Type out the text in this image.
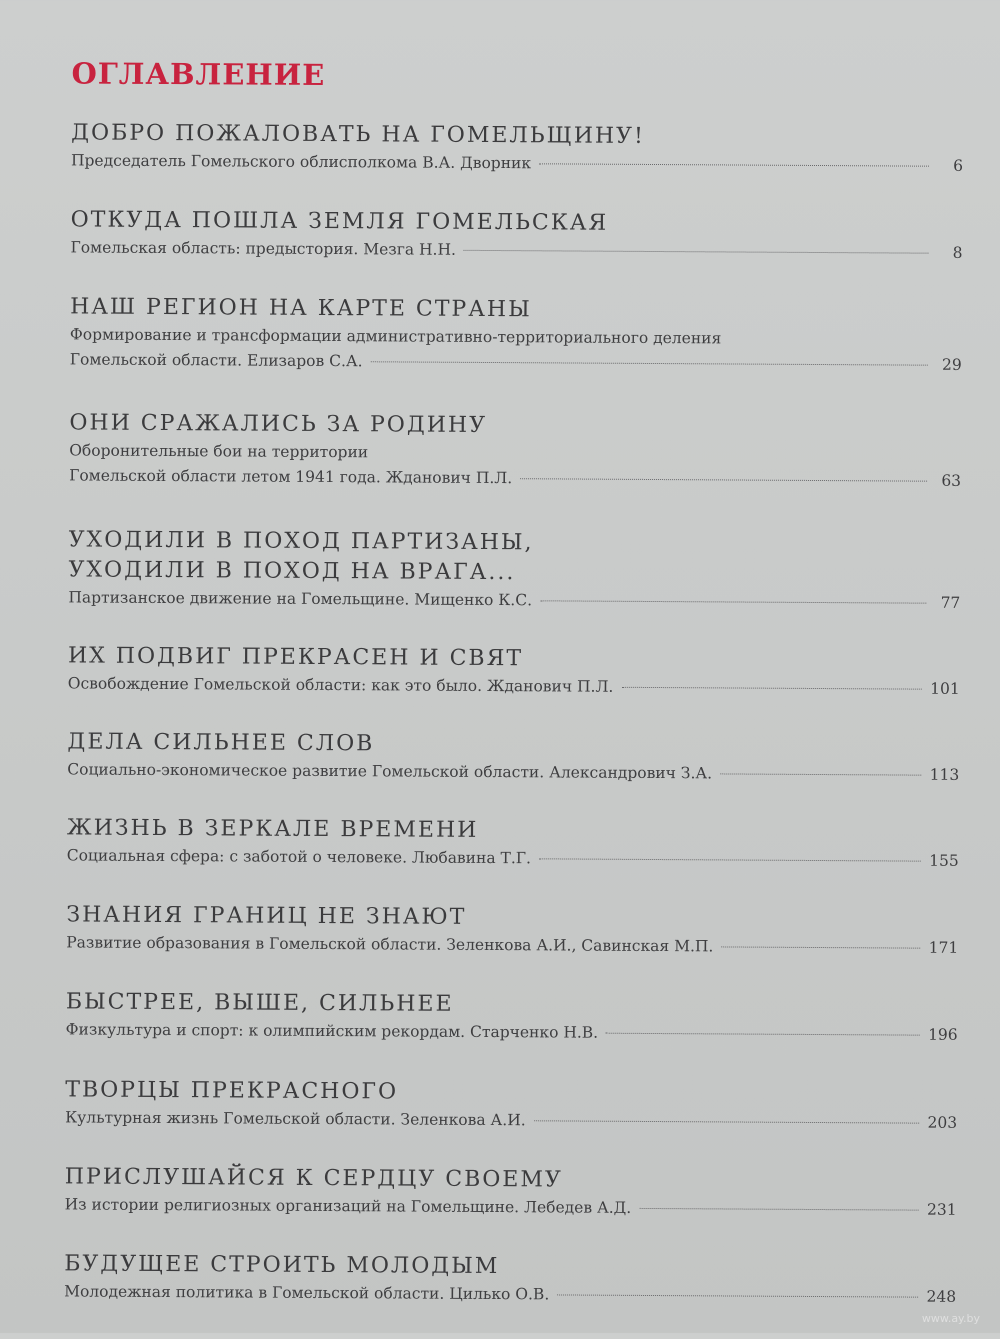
ОГЛАВЛЕНИЕ
ДОБРО ПОЖАЛОВАТЬ НА ГОМЕЛЬЩИНУ!
Председатель Гомельского облисполкома В.А. Дворник	6
ОТКУДА ПОШЛА ЗЕМЛЯ ГОМЕЛЬСКАЯ
Гомельская область: предыстория. Мезга Н.Н.	8
НАШ РЕГИОН НА КАРТЕ СТРАНЫ
Формирование и трансформации административно-территориального деления
Гомельской области. Елизаров С.А.	29
ОНИ СРАЖАЛИСЬ ЗА РОДИНУ
Оборонительные бои на территории
Гомельской области летом 1941 года. Жданович П.Л.	63
УХОДИЛИ В ПОХОД ПАРТИЗАНЫ,
УХОДИЛИ В ПОХОД НА ВРАГА...
Партизанское движение на Гомельщине. Мищенко К.С.	77
ИХ ПОДВИГ ПРЕКРАСЕН И СВЯТ
Освобождение Гомельской области: как это было. Жданович П.Л.	101
ДЕЛА СИЛЬНЕЕ СЛОВ
Социально-экономическое развитие Гомельской области. Александрович З.А.	113
ЖИЗНЬ В ЗЕРКАЛЕ ВРЕМЕНИ
Социальная сфера: с заботой о человеке. Любавина Т.Г.	155
ЗНАНИЯ ГРАНИЦ НЕ ЗНАЮТ
Развитие образования в Гомельской области. Зеленкова А.И., Савинская М.П.	171
БЫСТРЕЕ, ВЫШЕ, СИЛЬНЕЕ
Физкультура и спорт: к олимпийским рекордам. Старченко Н.В.	196
ТВОРЦЫ ПРЕКРАСНОГО
Культурная жизнь Гомельской области. Зеленкова А.И.	203
ПРИСЛУШАЙСЯ К СЕРДЦУ СВОЕМУ
Из истории религиозных организаций на Гомельщине. Лебедев А.Д.	231
БУДУЩЕЕ СТРОИТЬ МОЛОДЫМ
Молодежная политика в Гомельской области. Цилько О.В.	248
www.ay.by
